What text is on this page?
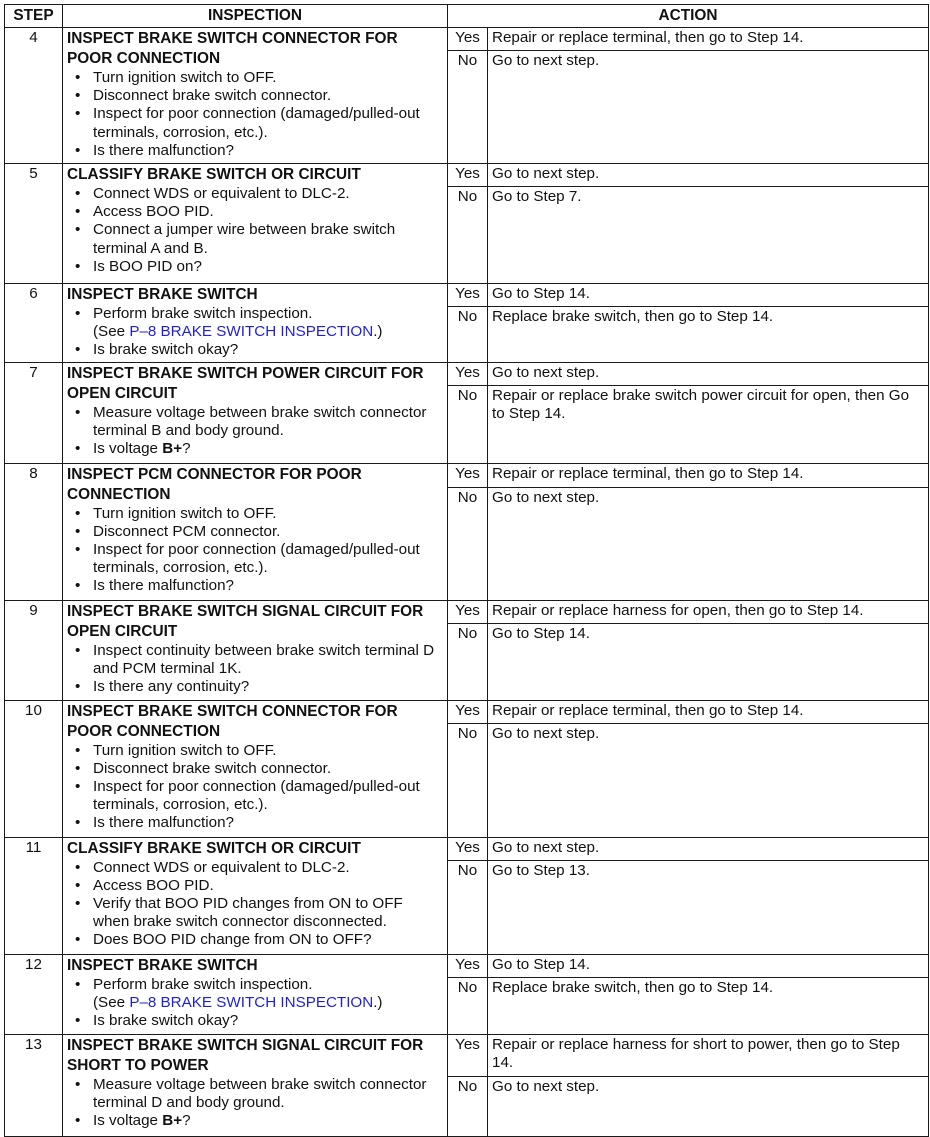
STEP	INSPECTION	ACTION	
4	INSPECT BRAKE SWITCH CONNECTOR FOR POOR CONNECTION
• Turn ignition switch to OFF.
• Disconnect brake switch connector.
• Inspect for poor connection (damaged/pulled-out terminals, corrosion, etc.).
• Is there malfunction?
	Yes	Repair or replace terminal, then go to Step 14.
		No	Go to next step.
5	CLASSIFY BRAKE SWITCH OR CIRCUIT
• Connect WDS or equivalent to DLC-2.
• Access BOO PID.
• Connect a jumper wire between brake switch terminal A and B.
• Is BOO PID on?
	Yes	Go to next step.
		No	Go to Step 7.
6	INSPECT BRAKE SWITCH
• Perform brake switch inspection.
(See P–8 BRAKE SWITCH INSPECTION.)
• Is brake switch okay?
	Yes	Go to Step 14.
		No	Replace brake switch, then go to Step 14.
7	INSPECT BRAKE SWITCH POWER CIRCUIT FOR OPEN CIRCUIT
• Measure voltage between brake switch connector terminal B and body ground.
• Is voltage B+?
	Yes	Go to next step.
		No	Repair or replace brake switch power circuit for open, then Go to Step 14.
8	INSPECT PCM CONNECTOR FOR POOR CONNECTION
• Turn ignition switch to OFF.
• Disconnect PCM connector.
• Inspect for poor connection (damaged/pulled-out terminals, corrosion, etc.).
• Is there malfunction?
	Yes	Repair or replace terminal, then go to Step 14.
		No	Go to next step.
9	INSPECT BRAKE SWITCH SIGNAL CIRCUIT FOR OPEN CIRCUIT
• Inspect continuity between brake switch terminal D and PCM terminal 1K.
• Is there any continuity?
	Yes	Repair or replace harness for open, then go to Step 14.
		No	Go to Step 14.
10	INSPECT BRAKE SWITCH CONNECTOR FOR POOR CONNECTION
• Turn ignition switch to OFF.
• Disconnect brake switch connector.
• Inspect for poor connection (damaged/pulled-out terminals, corrosion, etc.).
• Is there malfunction?
	Yes	Repair or replace terminal, then go to Step 14.
		No	Go to next step.
11	CLASSIFY BRAKE SWITCH OR CIRCUIT
• Connect WDS or equivalent to DLC-2.
• Access BOO PID.
• Verify that BOO PID changes from ON to OFF when brake switch connector disconnected.
• Does BOO PID change from ON to OFF?
	Yes	Go to next step.
		No	Go to Step 13.
12	INSPECT BRAKE SWITCH
• Perform brake switch inspection.
(See P–8 BRAKE SWITCH INSPECTION.)
• Is brake switch okay?
	Yes	Go to Step 14.
		No	Replace brake switch, then go to Step 14.
13	INSPECT BRAKE SWITCH SIGNAL CIRCUIT FOR SHORT TO POWER
• Measure voltage between brake switch connector terminal D and body ground.
• Is voltage B+?
	Yes	Repair or replace harness for short to power, then go to Step 14.
		No	Go to next step.
